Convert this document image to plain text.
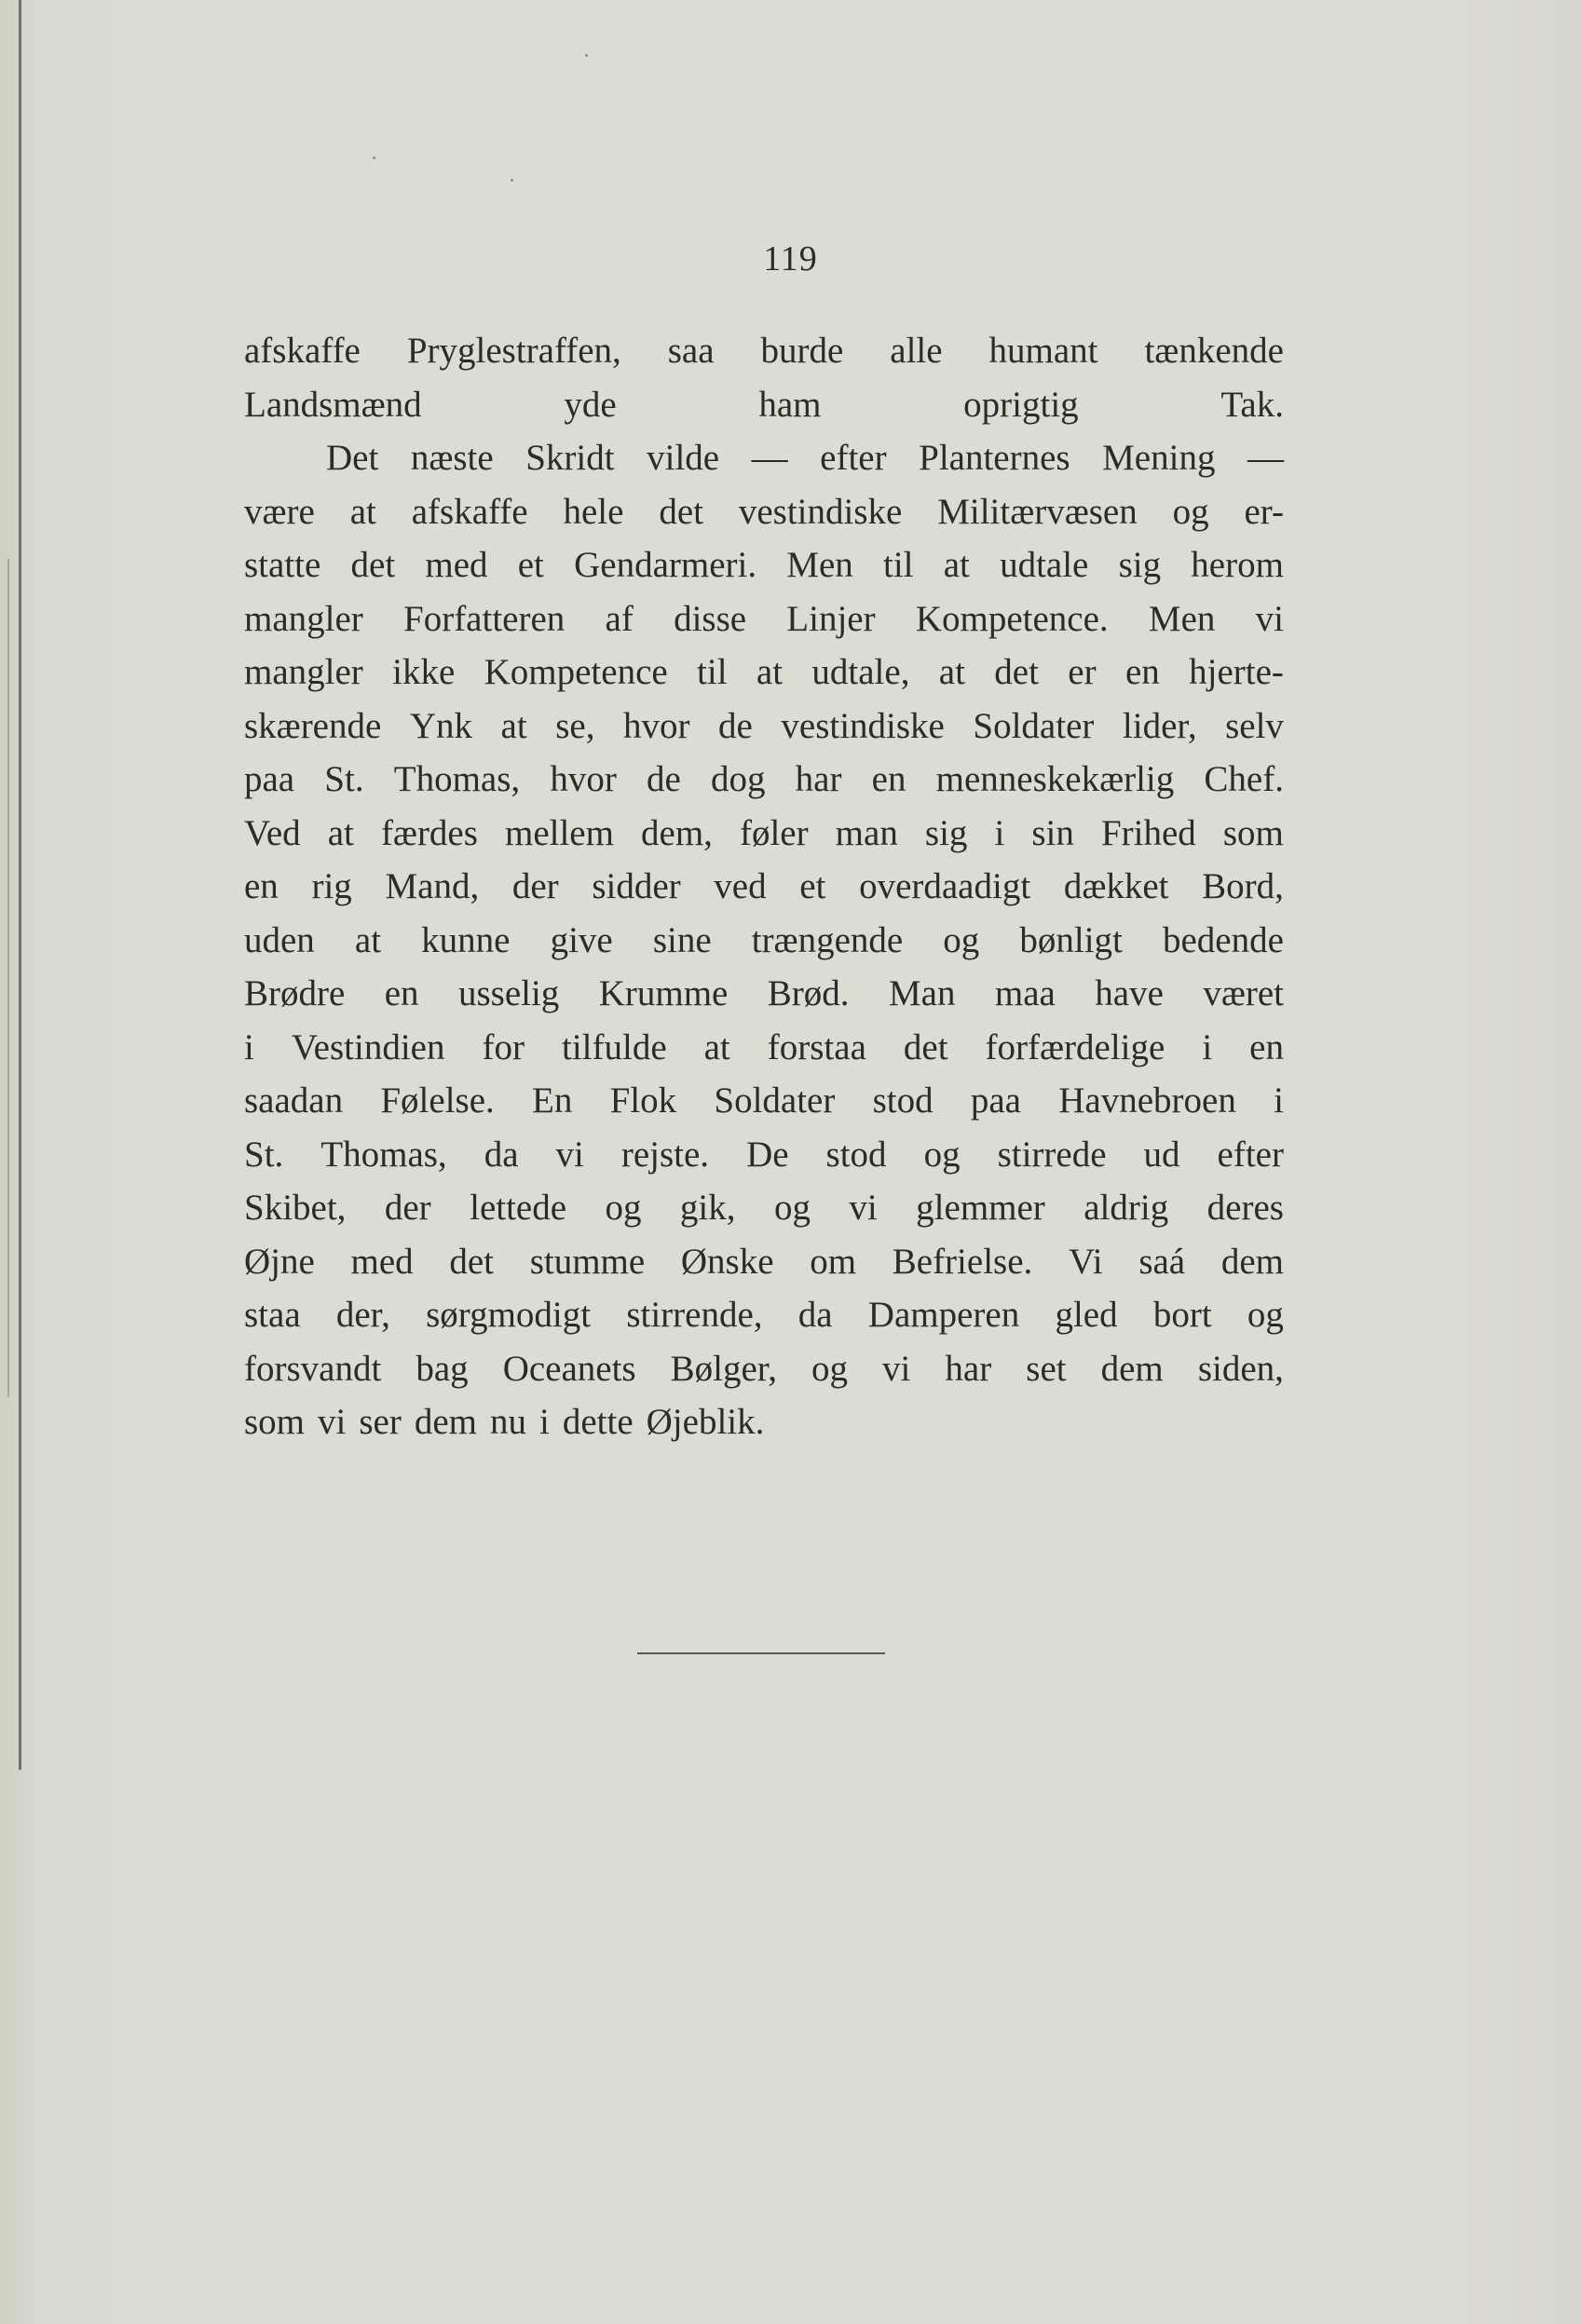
119
afskaffe Pryglestraffen, saa burde alle humant tænkende
Landsmænd	yde	ham	oprigtig	Tak.
Det næste Skridt vilde — efter Planternes Mening —
være at afskaffe hele det vestindiske Militærvæsen og er-
statte det med et Gendarmeri. Men til at udtale sig herom
mangler Forfatteren af disse Linjer Kompetence. Men vi
mangler ikke Kompetence til at udtale, at det er en hjerte-
skærende Ynk at se, hvor de vestindiske Soldater lider, selv
paa St. Thomas, hvor de dog har en menneskekærlig Chef.
Ved at færdes mellem dem, føler man sig i sin Frihed som
en rig Mand, der sidder ved et overdaadigt dækket Bord,
uden at kunne give sine trængende og bønligt bedende
Brødre en usselig Krumme Brød. Man maa have været
i Vestindien for tilfulde at forstaa det forfærdelige i en
saadan Følelse. En Flok Soldater stod paa Havnebroen i
St. Thomas, da vi rejste. De stod og stirrede ud efter
Skibet, der lettede og gik, og vi glemmer aldrig deres
Øjne med det stumme Ønske om Befrielse. Vi saá dem
staa der, sørgmodigt stirrende, da Damperen gled bort og
forsvandt bag Oceanets Bølger, og vi har set dem siden,
som vi ser dem nu i dette Øjeblik.
